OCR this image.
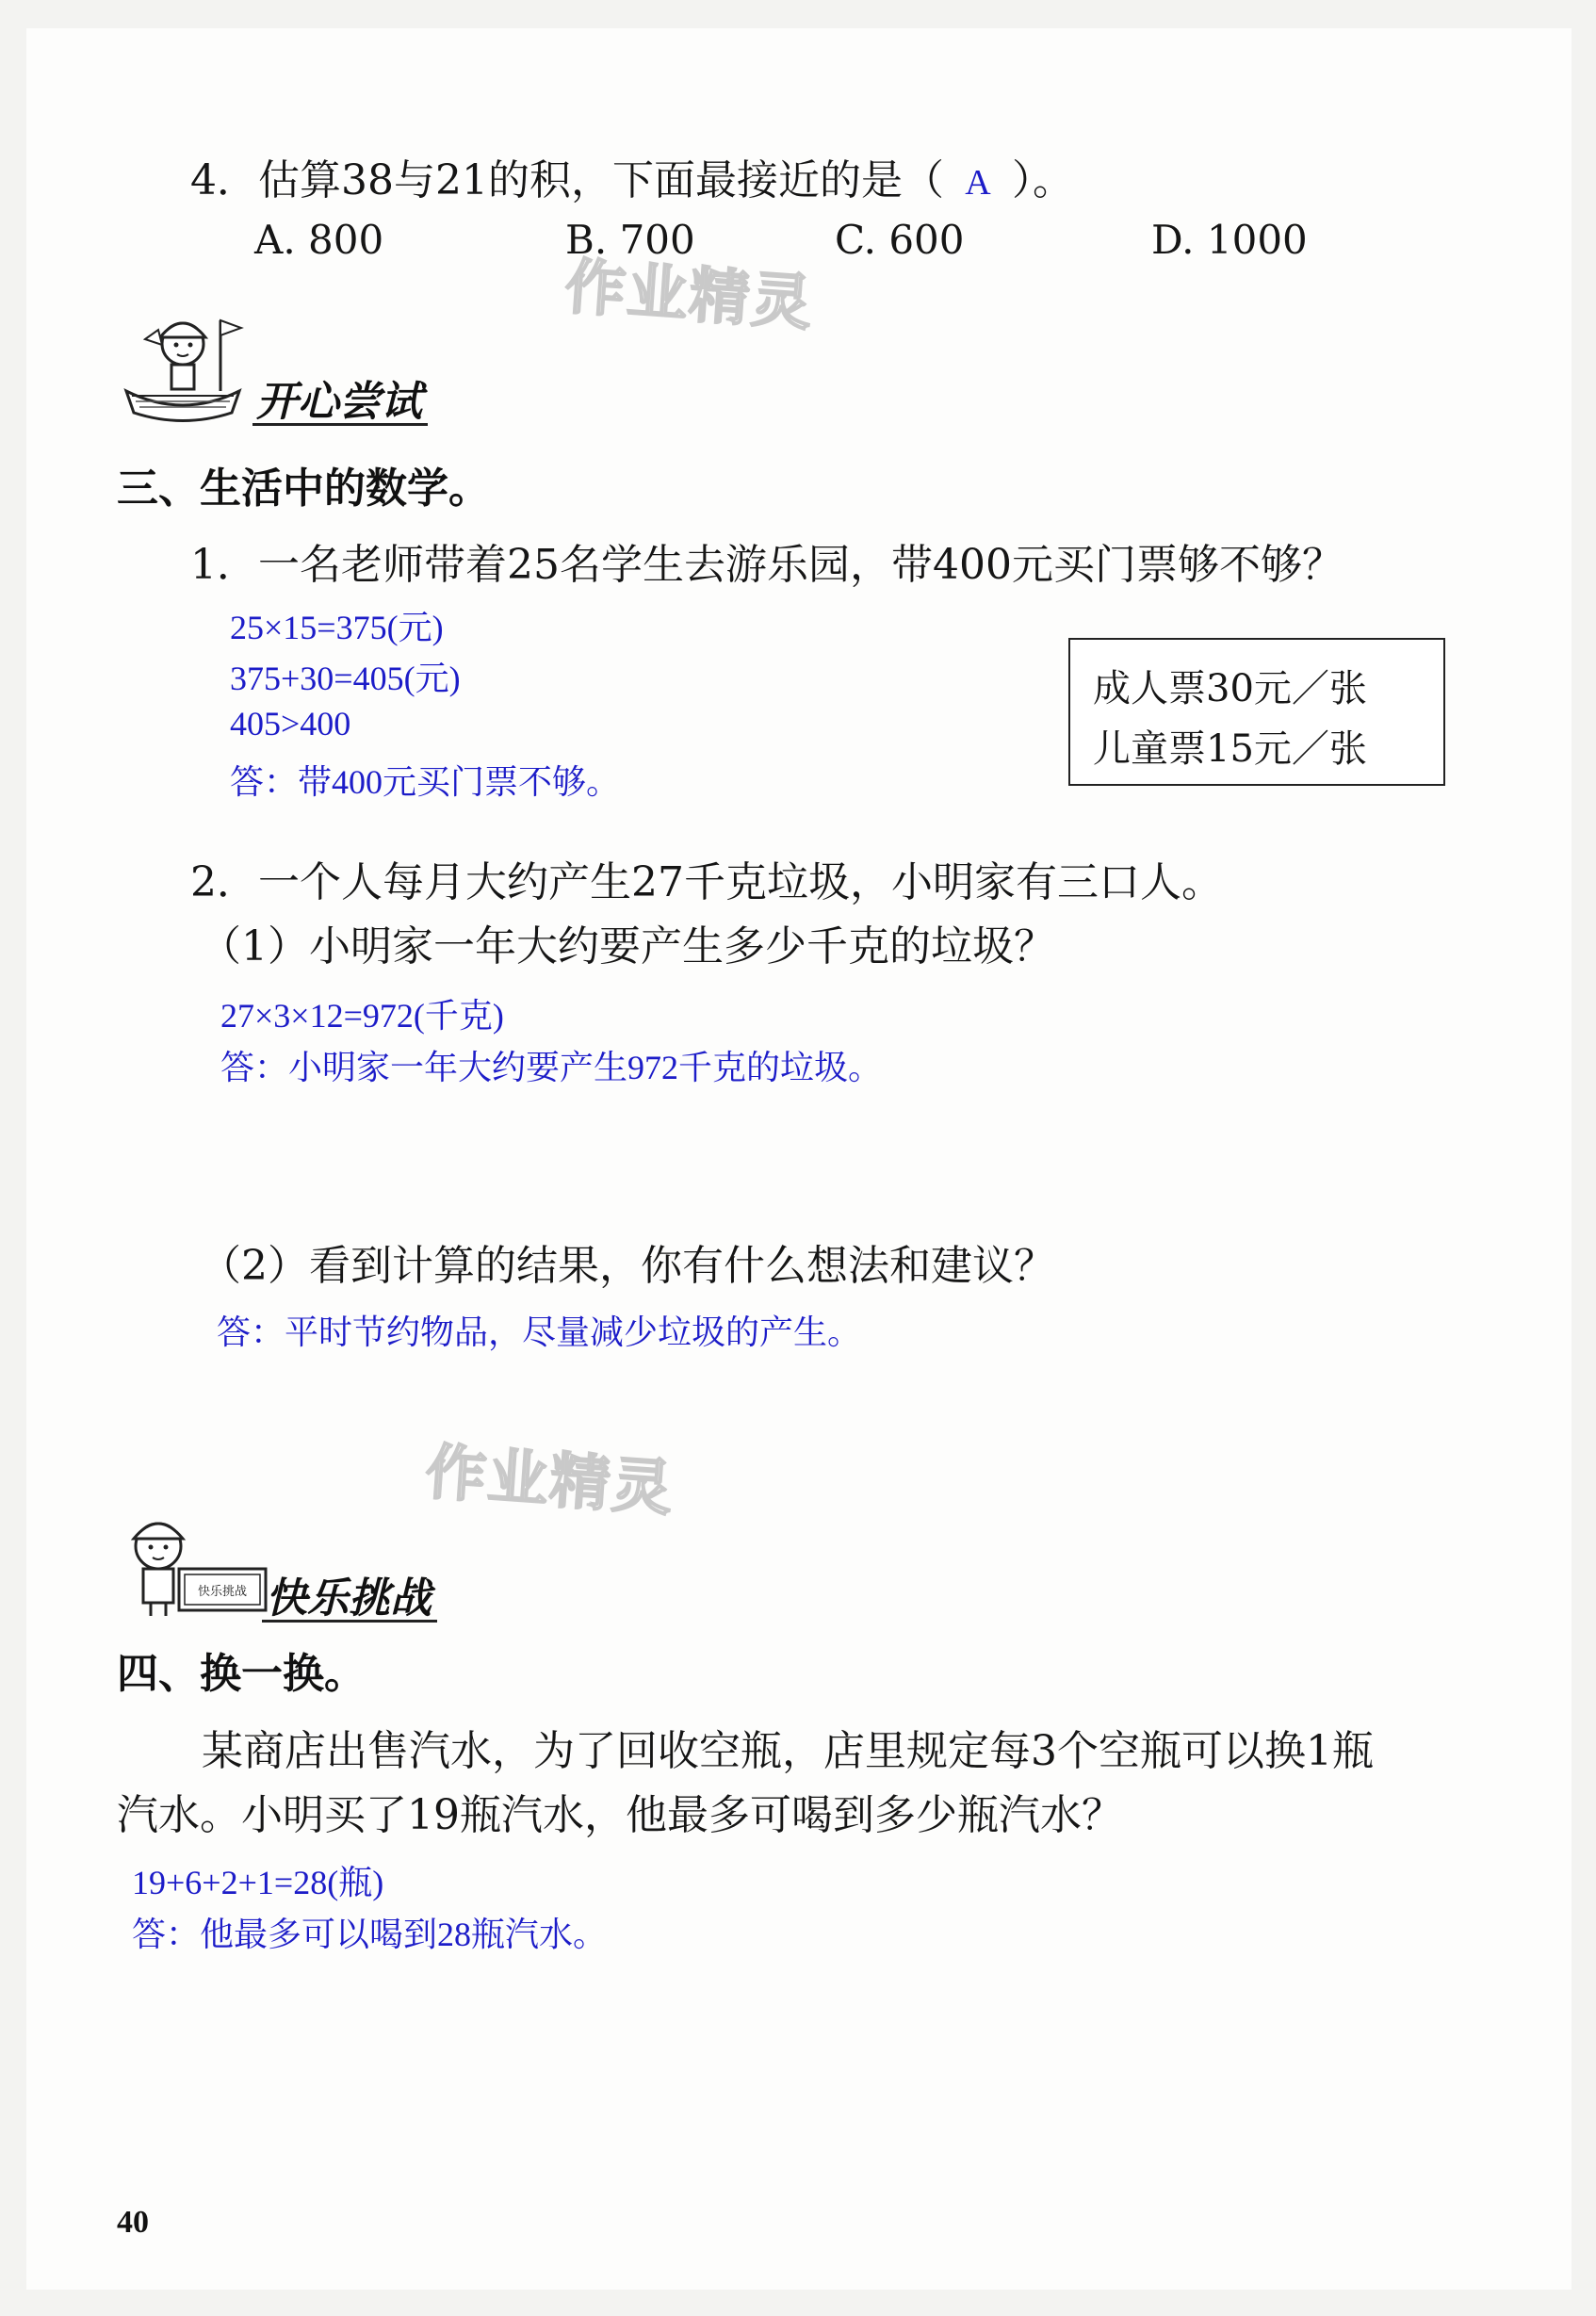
4．估算38与21的积，下面最接近的是（ A ）。
A. 800	B. 700	C. 600	D. 1000
作业精灵
开心尝试
三、生活中的数学。
1．一名老师带着25名学生去游乐园，带400元买门票够不够？
25×15=375(元)
375+30=405(元)
405>400
答：带400元买门票不够。
成人票30元／张
儿童票15元／张
2．一个人每月大约产生27千克垃圾，小明家有三口人。
（1）小明家一年大约要产生多少千克的垃圾？
27×3×12=972(千克)
答：小明家一年大约要产生972千克的垃圾。
（2）看到计算的结果，你有什么想法和建议？
答：平时节约物品，尽量减少垃圾的产生。
作业精灵
快乐挑战 快乐挑战
四、换一换。
某商店出售汽水，为了回收空瓶，店里规定每3个空瓶可以换1瓶
汽水。小明买了19瓶汽水，他最多可喝到多少瓶汽水？
19+6+2+1=28(瓶)
答：他最多可以喝到28瓶汽水。
40
